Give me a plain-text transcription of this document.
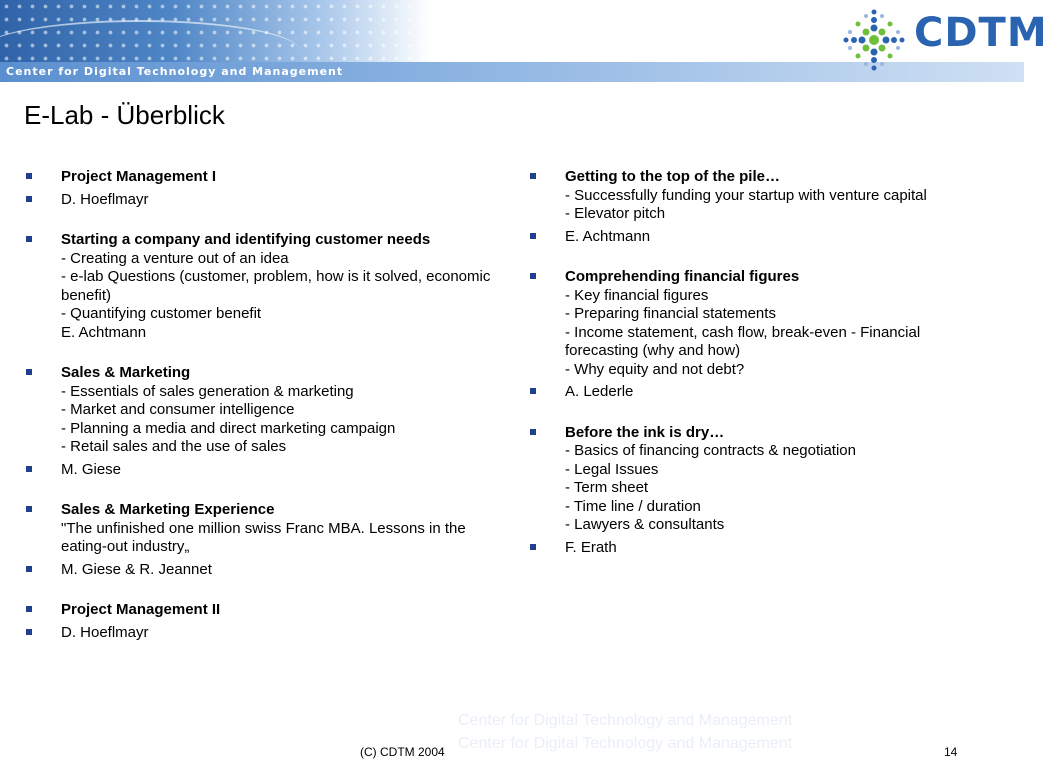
Center for Digital Technology and Management
CDTM
E-Lab - Überblick
Project Management I
D. Hoeflmayr
Starting a company and identifying customer needs
- Creating a venture out of an idea
- e-lab Questions (customer, problem, how is it solved, economic benefit)
- Quantifying customer benefit
E. Achtmann
Sales & Marketing
- Essentials of sales generation & marketing
- Market and consumer intelligence
- Planning a media and direct marketing campaign
- Retail sales and the use of sales
M. Giese
Sales & Marketing Experience
"The unfinished one million swiss Franc MBA. Lessons in the eating-out industry„
M. Giese & R. Jeannet
Project Management II
D. Hoeflmayr
Getting to the top of the pile…
- Successfully funding your startup with venture capital
- Elevator pitch
E. Achtmann
Comprehending financial figures
- Key financial figures
- Preparing financial statements
- Income statement, cash flow, break-even - Financial forecasting (why and how)
- Why equity and not debt?
A. Lederle
Before the ink is dry…
- Basics of financing contracts & negotiation
- Legal Issues
- Term sheet
- Time line / duration
- Lawyers & consultants
F. Erath
Center for Digital Technology and Management
Center for Digital Technology and Management
(C) CDTM 2004	14
